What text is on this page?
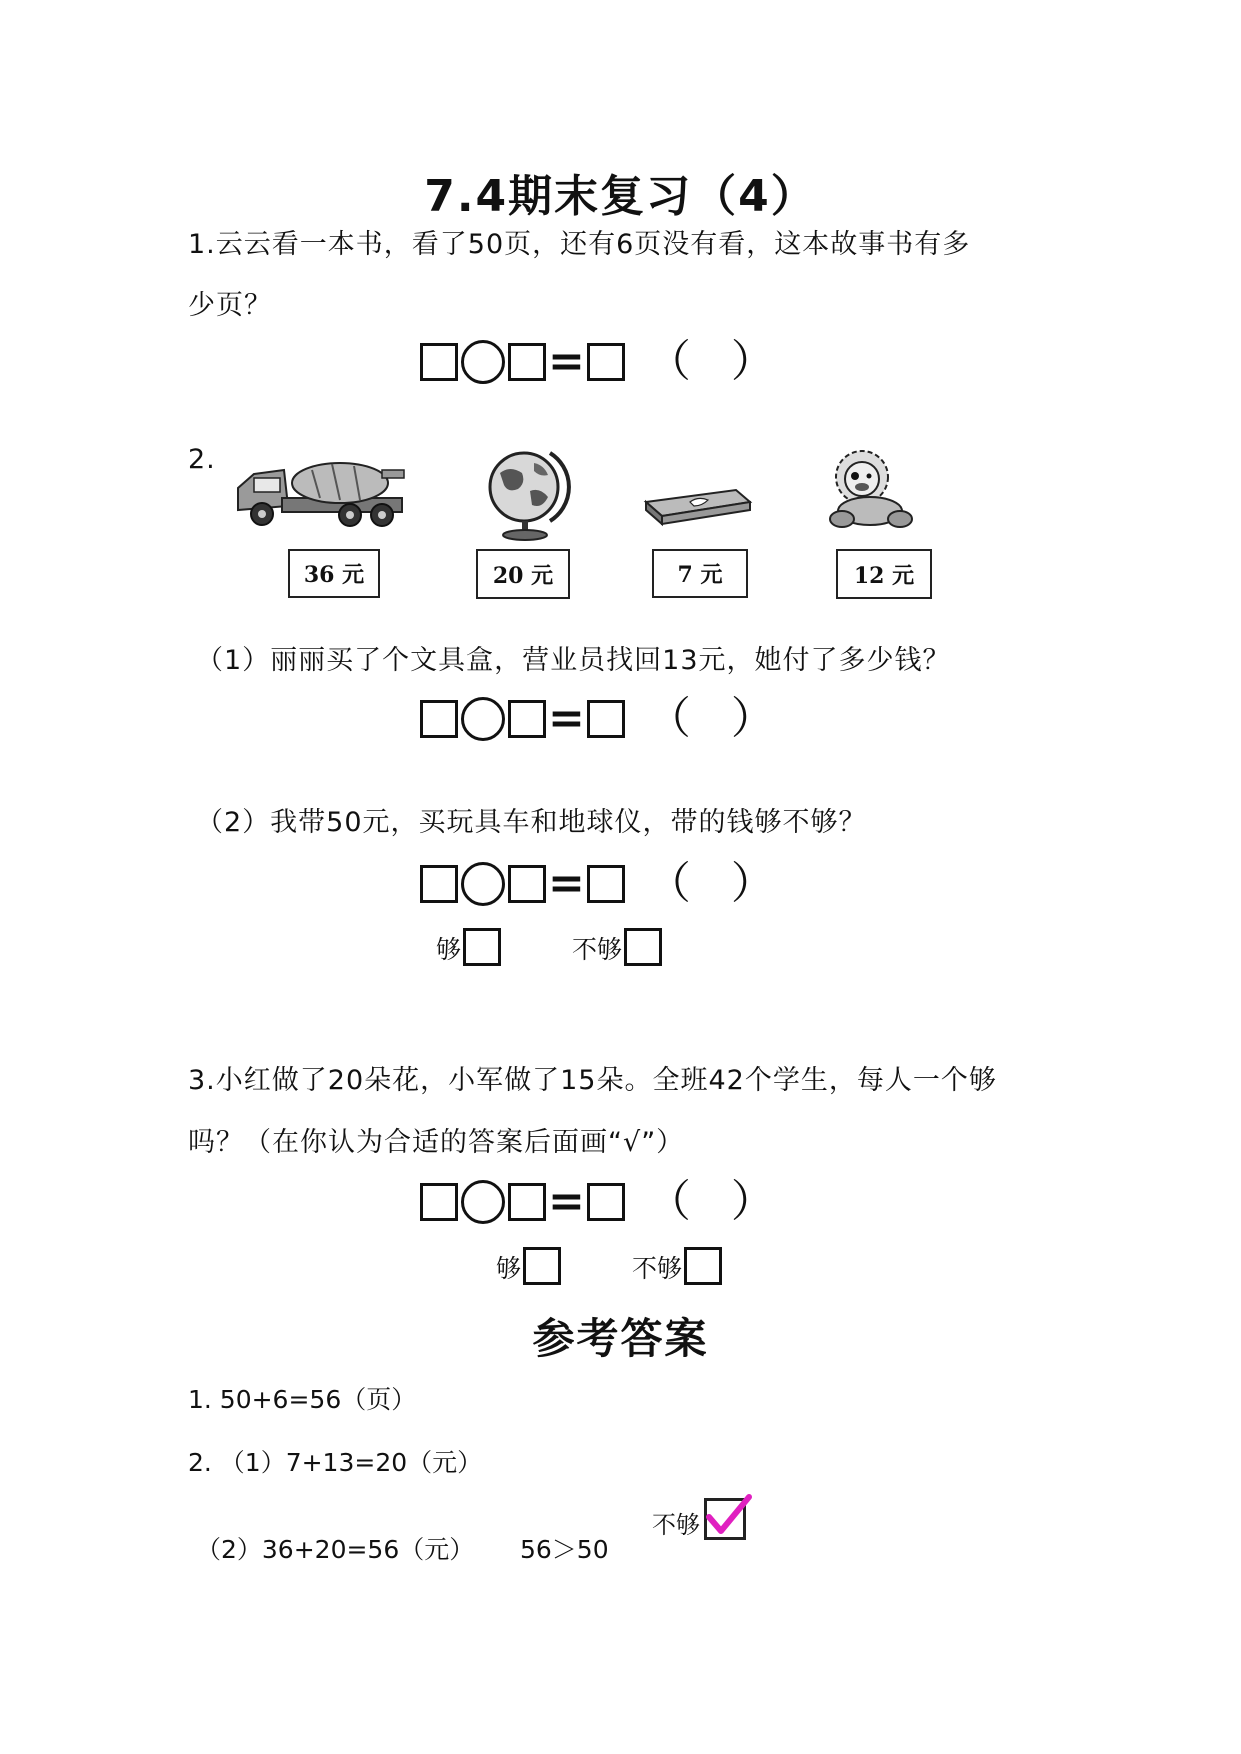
7.4期末复习（4）
1.云云看一本书，看了50页，还有6页没有看，这本故事书有多
少页？
= （ ）
2.
36 元	20 元	7 元	12 元
（1）丽丽买了个文具盒，营业员找回13元，她付了多少钱？
= （ ）
（2）我带50元，买玩具车和地球仪，带的钱够不够？
= （ ）
够	不够
3.小红做了20朵花，小军做了15朵。全班42个学生，每人一个够
吗？（在你认为合适的答案后面画“√”）
= （ ）
够	不够
参考答案
1. 50+6=56（页）
2. （1）7+13=20（元）
（2）36+20=56（元） 56＞50
不够
